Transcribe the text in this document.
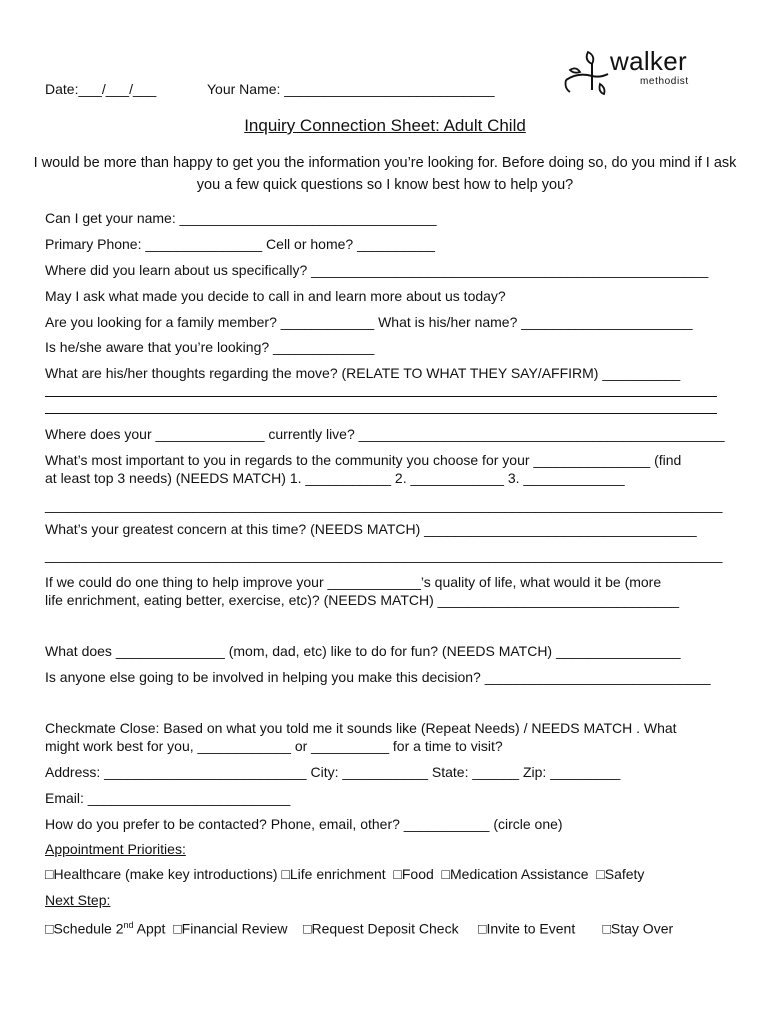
walker
methodist
Date:___/___/___	Your Name: ___________________________
Inquiry Connection Sheet: Adult Child
I would be more than happy to get you the information you’re looking for. Before doing so, do you mind if I ask you a few quick questions so I know best how to help you?
Can I get your name: _________________________________
Primary Phone: _______________ Cell or home? __________
Where did you learn about us specifically? ___________________________________________________
May I ask what made you decide to call in and learn more about us today?
Are you looking for a family member? ____________ What is his/her name? ______________________
Is he/she aware that you’re looking? _____________
What are his/her thoughts regarding the move? (RELATE TO WHAT THEY SAY/AFFIRM) __________
Where does your ______________ currently live? _______________________________________________
What’s most important to you in regards to the community you choose for your _______________ (find
at least top 3 needs) (NEEDS MATCH) 1. ___________ 2. ____________ 3. _____________
_______________________________________________________________________________________
What’s your greatest concern at this time? (NEEDS MATCH) ___________________________________
_______________________________________________________________________________________
If we could do one thing to help improve your ____________’s quality of life, what would it be (more
life enrichment, eating better, exercise, etc)? (NEEDS MATCH) _______________________________
What does ______________ (mom, dad, etc) like to do for fun? (NEEDS MATCH) ________________
Is anyone else going to be involved in helping you make this decision? _____________________________
Checkmate Close: Based on what you told me it sounds like (Repeat Needs) / NEEDS MATCH . What
might work best for you, ____________ or __________ for a time to visit?
Address: __________________________ City: ___________ State: ______ Zip: _________
Email: __________________________
How do you prefer to be contacted? Phone, email, other? ___________ (circle one)
Appointment Priorities:
□Healthcare (make key introductions) □Life enrichment  □Food  □Medication Assistance  □Safety
Next Step:
□Schedule 2nd Appt  □Financial Review    □Request Deposit Check     □Invite to Event       □Stay Over
